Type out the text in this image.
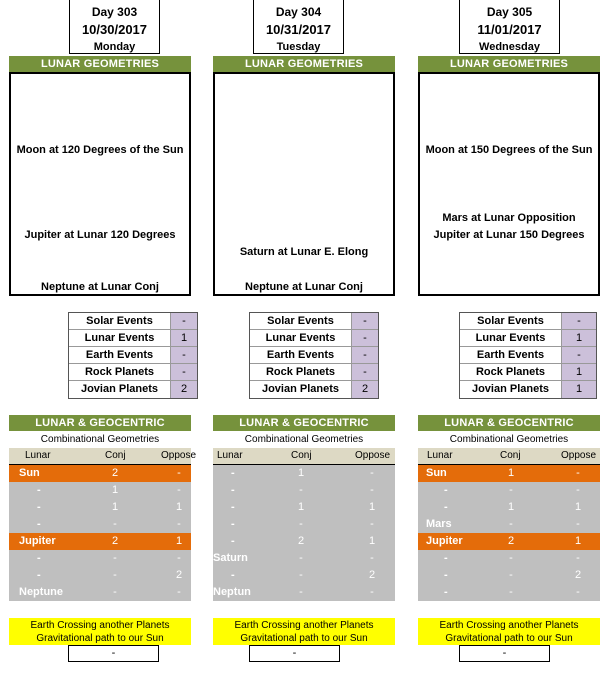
Day 303
10/30/2017
Monday
LUNAR GEOMETRIES
Moon at 120 Degrees of the Sun
Jupiter at Lunar 120 Degrees
Neptune at Lunar Conj
Solar Events	-
Lunar Events	1
Earth Events	-
Rock Planets	-
Jovian Planets	2
LUNAR & GEOCENTRIC
Combinational Geometries
Lunar	Conj	Oppose
Sun	2	-
-	1	-
-	1	1
-	-	-
Jupiter	2	1
-	-	-
-	-	2
Neptune	-	-
Earth Crossing another Planets
Gravitational path to our Sun
-
Day 304
10/31/2017
Tuesday
LUNAR GEOMETRIES
Saturn at Lunar E. Elong
Neptune at Lunar Conj
Solar Events	-
Lunar Events	-
Earth Events	-
Rock Planets	-
Jovian Planets	2
LUNAR & GEOCENTRIC
Combinational Geometries
Lunar	Conj	Oppose
-	1	-
-	-	-
-	1	1
-	-	-
-	2	1
Saturn	-	-
-	-	2
Neptun	-	-
Earth Crossing another Planets
Gravitational path to our Sun
-
Day 305
11/01/2017
Wednesday
LUNAR GEOMETRIES
Moon at 150 Degrees of the Sun
Mars at Lunar Opposition
Jupiter at Lunar 150 Degrees
Solar Events	-
Lunar Events	1
Earth Events	-
Rock Planets	1
Jovian Planets	1
LUNAR & GEOCENTRIC
Combinational Geometries
Lunar	Conj	Oppose
Sun	1	-
-	-	-
-	1	1
Mars	-	-
Jupiter	2	1
-	-	-
-	-	2
-	-	-
Earth Crossing another Planets
Gravitational path to our Sun
-
